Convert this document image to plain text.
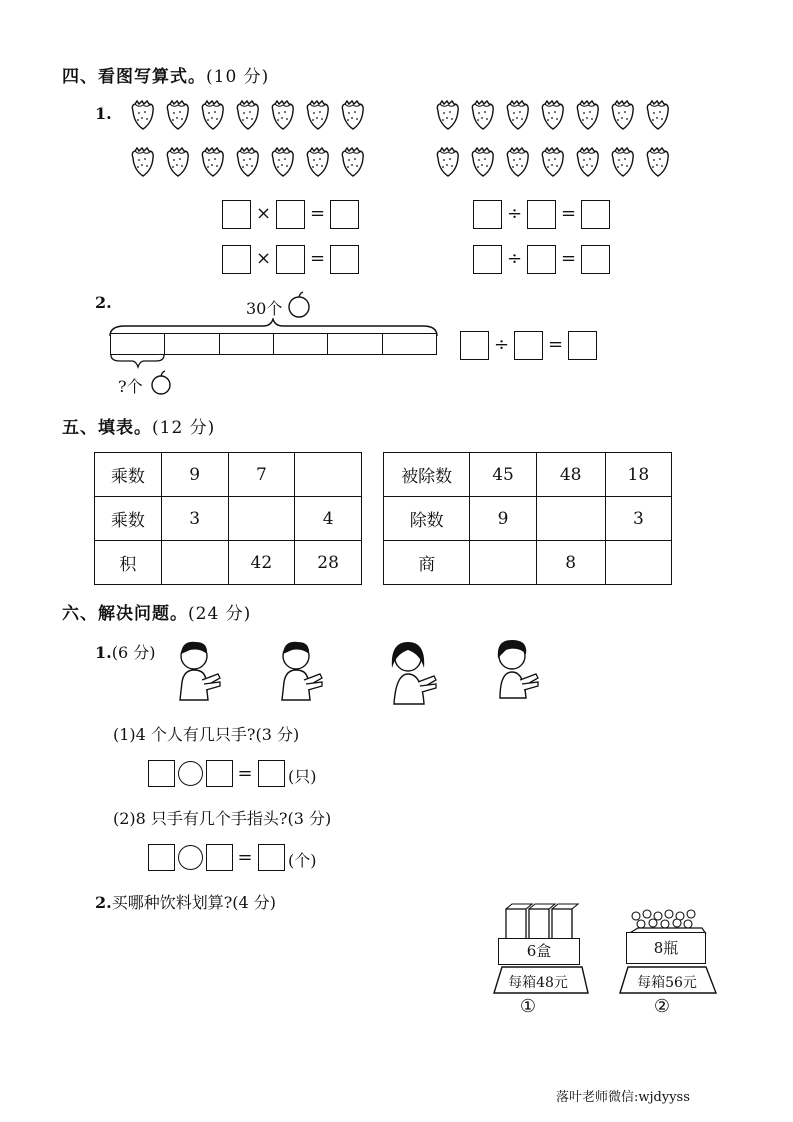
四、看图写算式。(10 分)
1.
× =
× =
÷ =
÷ =
2.	30个
?个
÷ =
五、填表。(12 分)
乘数	9	7	
乘数	3		4
积		42	28
被除数	45	48	18
除数	9		3
商		8	
六、解决问题。(24 分)
1.(6 分)
(1)4 个人有几只手?(3 分)
= (只)
(2)8 只手有几个手指头?(3 分)
= (个)
2.买哪种饮料划算?(4 分)
6盒
每箱48元
①
8瓶
每箱56元
②
落叶老师微信:wjdyyss
